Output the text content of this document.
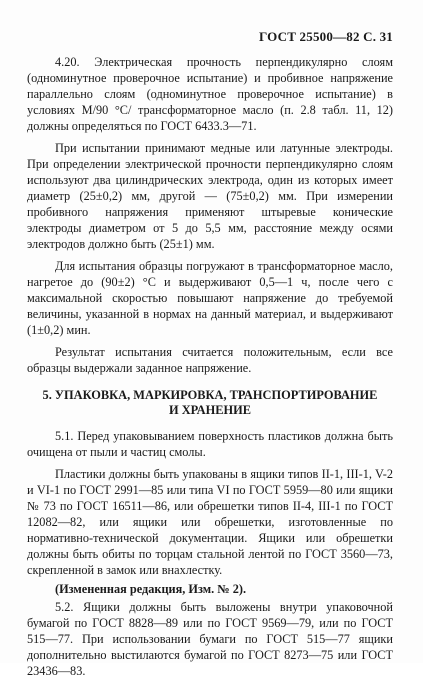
ГОСТ 25500—82 С. 31

4.20. Электрическая прочность перпендикулярно слоям (одноминутное проверочное испытание) и пробивное напряжение параллельно слоям (одноминутное проверочное испытание) в условиях М/90 °С/ трансформаторное масло (п. 2.8 табл. 11, 12) должны определяться по ГОСТ 6433.3—71.

При испытании принимают медные или латунные электроды. При определении электрической прочности перпендикулярно слоям используют два цилиндрических электрода, один из которых имеет диаметр (25±0,2) мм, другой — (75±0,2) мм. При измерении пробивного напряжения применяют штыревые конические электроды диаметром от 5 до 5,5 мм, расстояние между осями электродов должно быть (25±1) мм.

Для испытания образцы погружают в трансформаторное масло, нагретое до (90±2) °С и выдерживают 0,5—1 ч, после чего с максимальной скоростью повышают напряжение до требуемой величины, указанной в нормах на данный материал, и выдерживают (1±0,2) мин.

Результат испытания считается положительным, если все образцы выдержали заданное напряжение.

5. УПАКОВКА, МАРКИРОВКА, ТРАНСПОРТИРОВАНИЕ И ХРАНЕНИЕ

5.1. Перед упаковыванием поверхность пластиков должна быть очищена от пыли и частиц смолы.

Пластики должны быть упакованы в ящики типов II-1, III-1, V-2 и VI-1 по ГОСТ 2991—85 или типа VI по ГОСТ 5959—80 или ящики № 73 по ГОСТ 16511—86, или обрешетки типов II-4, III-1 по ГОСТ 12082—82, или ящики или обрешетки, изготовленные по нормативно-технической документации. Ящики или обрешетки должны быть обиты по торцам стальной лентой по ГОСТ 3560—73, скрепленной в замок или внахлестку.

(Измененная редакция, Изм. № 2).

5.2. Ящики должны быть выложены внутри упаковочной бумагой по ГОСТ 8828—89 или по ГОСТ 9569—79, или по ГОСТ 515—77. При использовании бумаги по ГОСТ 515—77 ящики дополнительно выстилаются бумагой по ГОСТ 8273—75 или ГОСТ 23436—83.
